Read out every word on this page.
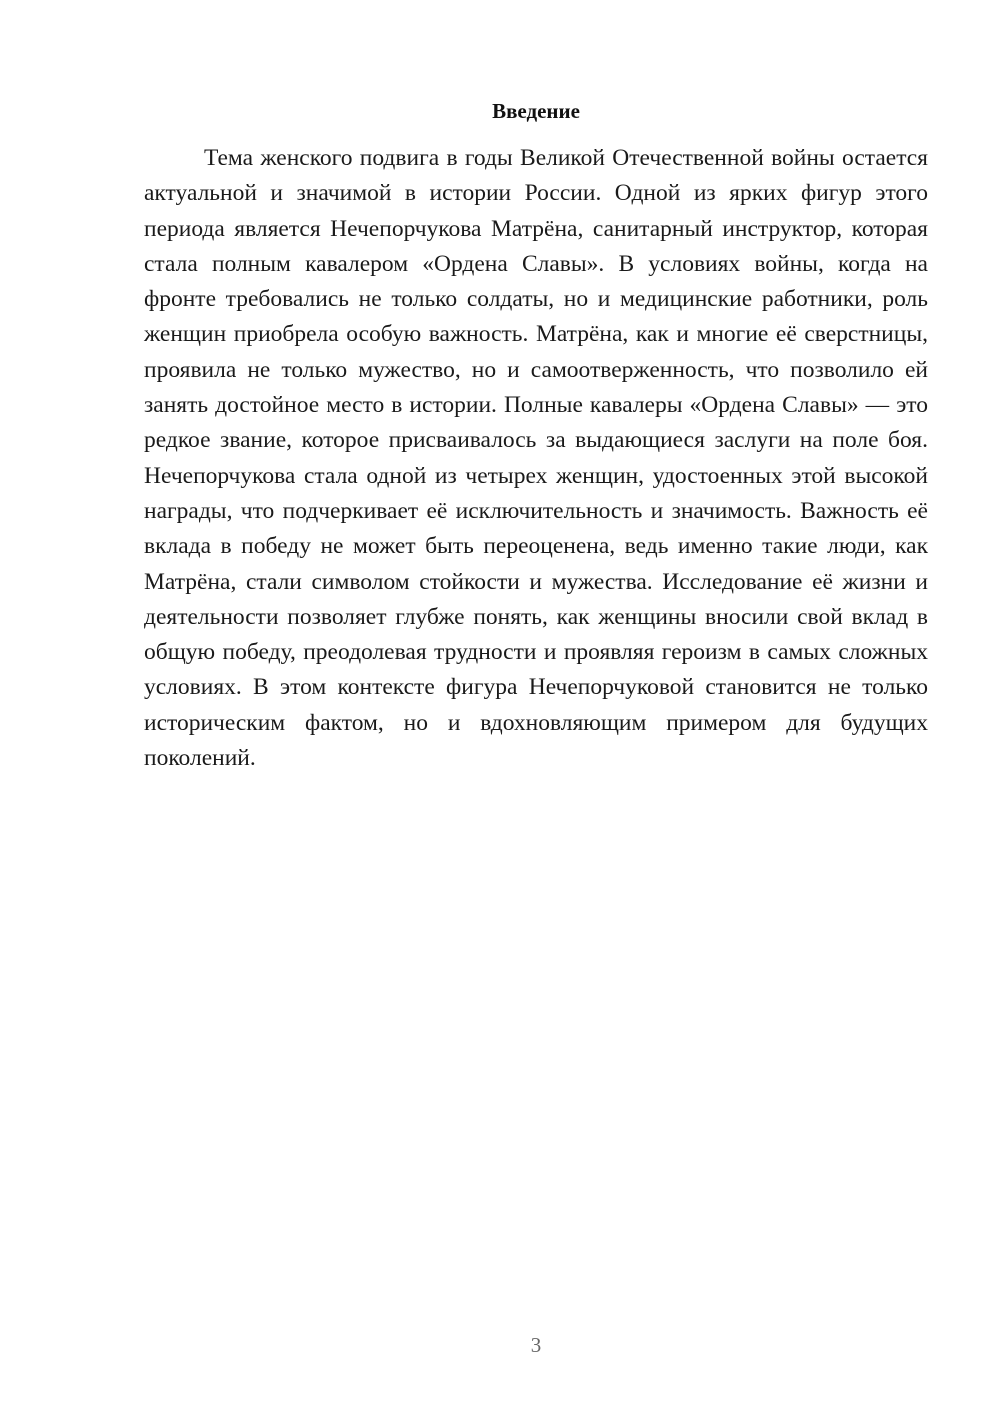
Введение

Тема женского подвига в годы Великой Отечественной войны остается актуальной и значимой в истории России. Одной из ярких фигур этого периода является Нечепорчукова Матрёна, санитарный инструктор, которая стала полным кавалером «Ордена Славы». В условиях войны, когда на фронте требовались не только солдаты, но и медицинские работники, роль женщин приобрела особую важность. Матрёна, как и многие её сверстницы, проявила не только мужество, но и самоотверженность, что позволило ей занять достойное место в истории. Полные кавалеры «Ордена Славы» — это редкое звание, которое присваивалось за выдающиеся заслуги на поле боя. Нечепорчукова стала одной из четырех женщин, удостоенных этой высокой награды, что подчеркивает её исключительность и значимость. Важность её вклада в победу не может быть переоценена, ведь именно такие люди, как Матрёна, стали символом стойкости и мужества. Исследование её жизни и деятельности позволяет глубже понять, как женщины вносили свой вклад в общую победу, преодолевая трудности и проявляя героизм в самых сложных условиях. В этом контексте фигура Нечепорчуковой становится не только историческим фактом, но и вдохновляющим примером для будущих поколений.

3
